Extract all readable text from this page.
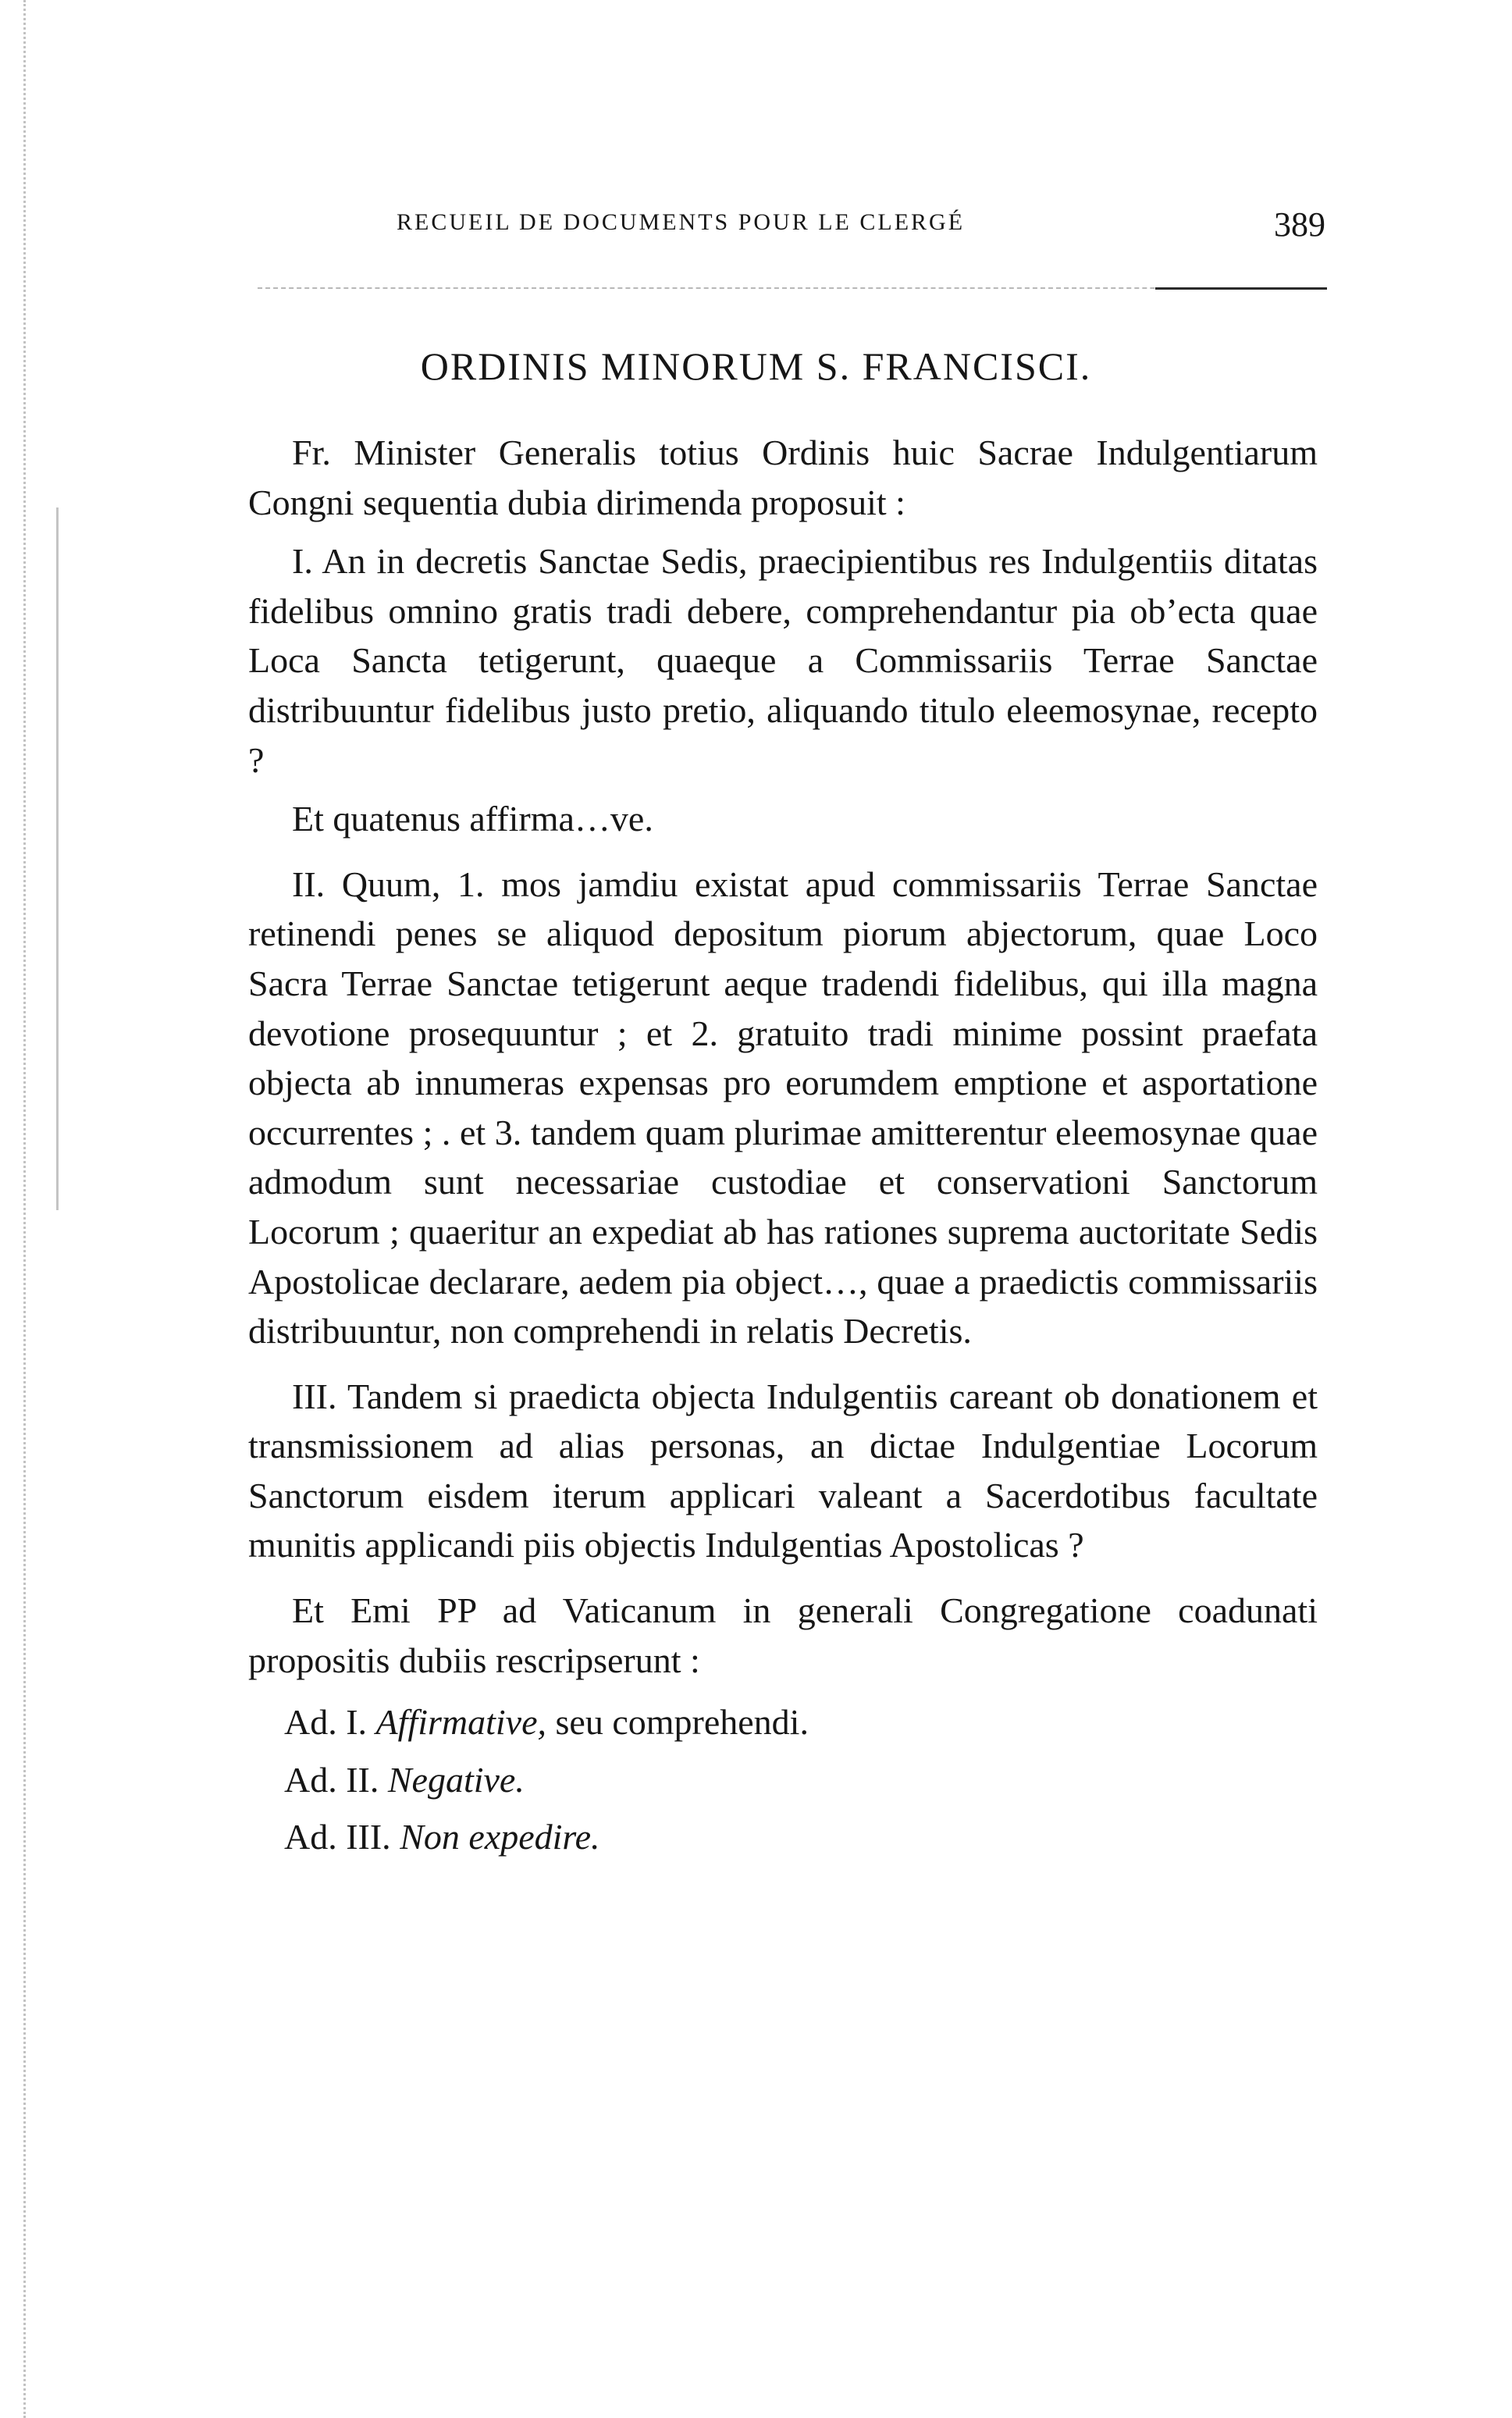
RECUEIL DE DOCUMENTS POUR LE CLERGÉ	389
ORDINIS MINORUM S. FRANCISCI.

Fr. Minister Generalis totius Ordinis huic Sacrae Indulgentiarum Congni sequentia dubia dirimenda proposuit :

I. An in decretis Sanctae Sedis, praecipientibus res Indulgentiis ditatas fidelibus omnino gratis tradi debere, comprehendantur pia ob’ecta quae Loca Sancta tetigerunt, quaeque a Commissariis Terrae Sanctae distribuuntur fidelibus justo pretio, aliquando titulo eleemosynae, recepto ?

Et quatenus affirma…ve.

II. Quum, 1. mos jamdiu existat apud commissariis Terrae Sanctae retinendi penes se aliquod depositum piorum abjectorum, quae Loco Sacra Terrae Sanctae tetigerunt aeque tradendi fidelibus, qui illa magna devotione prosequuntur ; et 2. gratuito tradi minime possint praefata objecta ab innumeras expensas pro eorumdem emptione et asportatione occurrentes ; . et 3. tandem quam plurimae amitterentur eleemosynae quae admodum sunt necessariae custodiae et conservationi Sanctorum Locorum ; quaeritur an expediat ab has rationes suprema auctoritate Sedis Apostolicae declarare, aedem pia object…, quae a praedictis commissariis distribuuntur, non comprehendi in relatis Decretis.

III. Tandem si praedicta objecta Indulgentiis careant ob donationem et transmissionem ad alias personas, an dictae Indulgentiae Locorum Sanctorum eisdem iterum applicari valeant a Sacerdotibus facultate munitis applicandi piis objectis Indulgentias Apostolicas ?

Et Emi PP ad Vaticanum in generali Congregatione coadunati propositis dubiis rescripserunt :

Ad. I. Affirmative, seu comprehendi.

Ad. II. Negative.

Ad. III. Non expedire.
